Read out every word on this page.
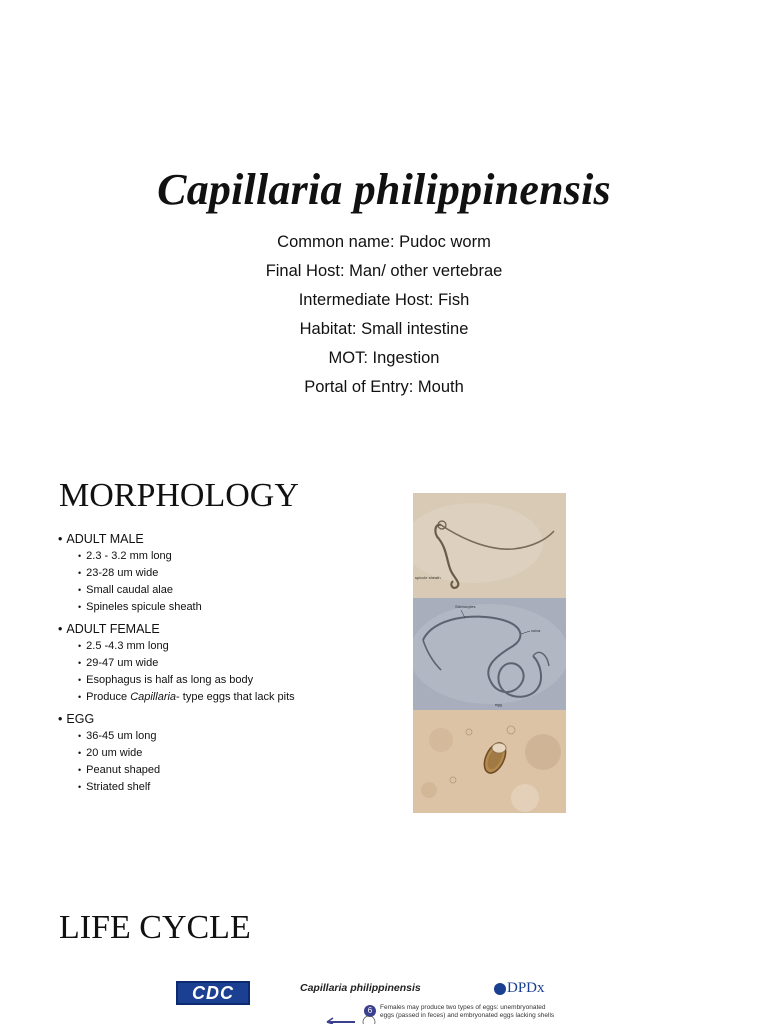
Capillaria philippinensis
Common name: Pudoc worm
Final Host: Man/ other vertebrae
Intermediate Host: Fish
Habitat: Small intestine
MOT: Ingestion
Portal of Entry: Mouth
MORPHOLOGY
• ADULT MALE
• 2.3 - 3.2 mm long
• 23-28 um wide
• Small caudal alae
• Spineles spicule sheath
• ADULT FEMALE
• 2.5 -4.3 mm long
• 29-47 um wide
• Esophagus is half as long as body
• Produce Capillaria- type eggs that lack pits
• EGG
• 36-45 um long
• 20 um wide
• Peanut shaped
• Striated shelf
spicule sheath
Stichocytes
vulva
egg
LIFE CYCLE
CDC	Capillaria philippinensis	DPDx
6	Females may produce two types of eggs: unembryonated eggs (passed in feces) and embryonated eggs lacking shells
